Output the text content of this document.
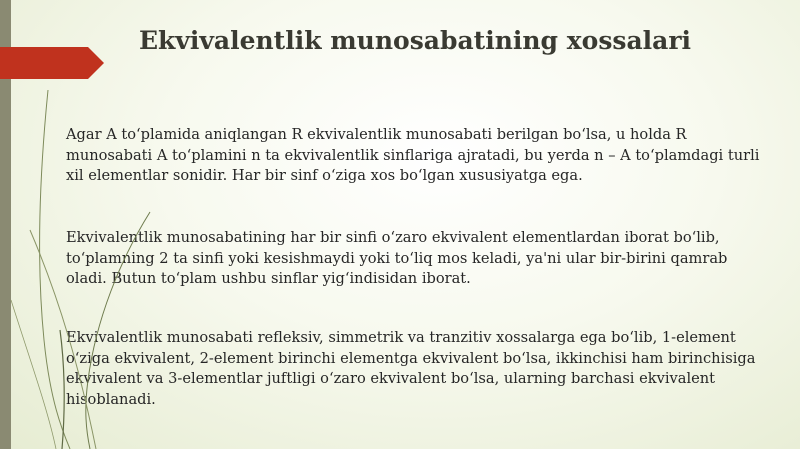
Ekvivalentlik munosabatining xossalari

Agar A to‘plamida aniqlangan R ekvivalentlik munosabati berilgan bo‘lsa, u holda R munosabati A to‘plamini n ta ekvivalentlik sinflariga ajratadi, bu yerda n – A to‘plamdagi turli xil elementlar sonidir. Har bir sinf o‘ziga xos bo‘lgan xususiyatga ega.

Ekvivalentlik munosabatining har bir sinfi o‘zaro ekvivalent elementlardan iborat bo‘lib, to‘plamning 2 ta sinfi yoki kesishmaydi yoki to‘liq mos keladi, ya'ni ular bir-birini qamrab oladi. Butun to‘plam ushbu sinflar yig‘indisidan iborat.

Ekvivalentlik munosabati refleksiv, simmetrik va tranzitiv xossalarga ega bo‘lib, 1-element o‘ziga ekvivalent, 2-element birinchi elementga ekvivalent bo‘lsa, ikkinchisi ham birinchisiga ekvivalent va 3-elementlar juftligi o‘zaro ekvivalent bo‘lsa, ularning barchasi ekvivalent hisoblanadi.
